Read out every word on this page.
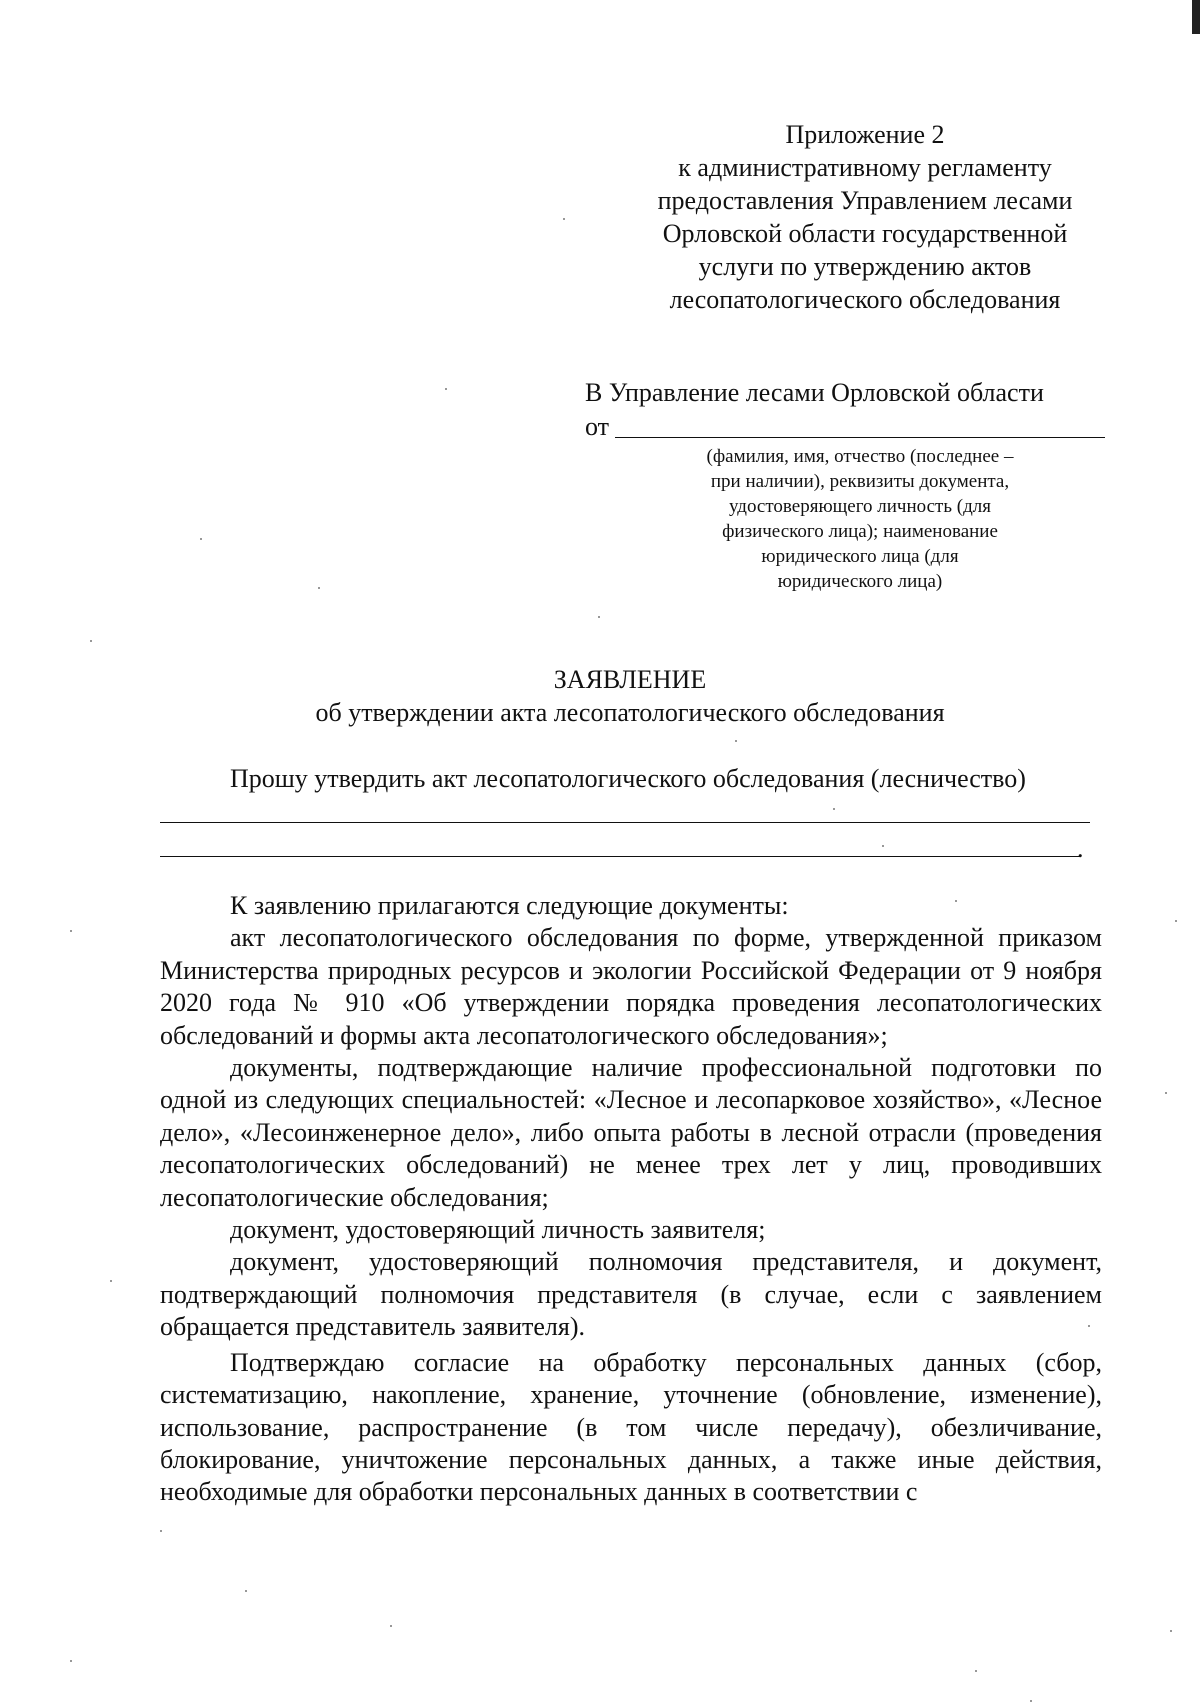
Приложение 2
к административному регламенту
предоставления Управлением лесами
Орловской области государственной
услуги по утверждению актов
лесопатологического обследования
В Управление лесами Орловской области
от
(фамилия, имя, отчество (последнее –
при наличии), реквизиты документа,
удостоверяющего личность (для
физического лица); наименование
юридического лица (для
юридического лица)
ЗАЯВЛЕНИЕ
об утверждении акта лесопатологического обследования
Прошу утвердить акт лесопатологического обследования (лесничество)
.

К заявлению прилагаются следующие документы:

акт лесопатологического обследования по форме, утвержденной приказом Министерства природных ресурсов и экологии Российской Федерации от 9 ноября 2020 года № 910 «Об утверждении порядка проведения лесопатологических обследований и формы акта лесопатологического обследования»;

документы, подтверждающие наличие профессиональной подготовки по одной из следующих специальностей: «Лесное и лесопарковое хозяйство», «Лесное дело», «Лесоинженерное дело», либо опыта работы в лесной отрасли (проведения лесопатологических обследований) не менее трех лет у лиц, проводивших лесопатологические обследования;

документ, удостоверяющий личность заявителя;

документ, удостоверяющий полномочия представителя, и документ, подтверждающий полномочия представителя (в случае, если с заявлением обращается представитель заявителя).

Подтверждаю согласие на обработку персональных данных (сбор, систематизацию, накопление, хранение, уточнение (обновление, изменение), использование, распространение (в том числе передачу), обезличивание, блокирование, уничтожение персональных данных, а также иные действия, необходимые для обработки персональных данных в соответствии с
